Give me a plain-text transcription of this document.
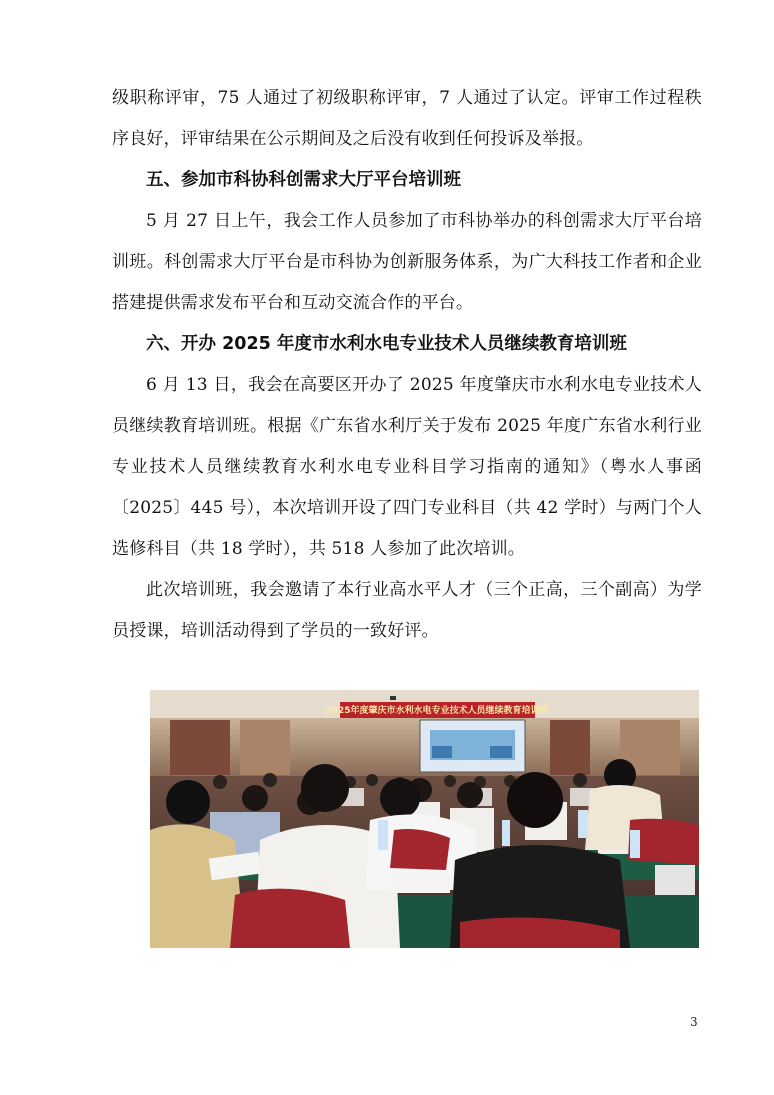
级职称评审，75 人通过了初级职称评审，7 人通过了认定。评审工作过程秩序良好，评审结果在公示期间及之后没有收到任何投诉及举报。

五、参加市科协科创需求大厅平台培训班

5 月 27 日上午，我会工作人员参加了市科协举办的科创需求大厅平台培训班。科创需求大厅平台是市科协为创新服务体系，为广大科技工作者和企业搭建提供需求发布平台和互动交流合作的平台。

六、开办 2025 年度市水利水电专业技术人员继续教育培训班

6 月 13 日，我会在高要区开办了 2025 年度肇庆市水利水电专业技术人员继续教育培训班。根据《广东省水利厅关于发布 2025 年度广东省水利行业专业技术人员继续教育水利水电专业科目学习指南的通知》（粤水人事函〔2025〕445 号），本次培训开设了四门专业科目（共 42 学时）与两门个人选修科目（共 18 学时），共 518 人参加了此次培训。

此次培训班，我会邀请了本行业高水平人才（三个正高，三个副高）为学员授课，培训活动得到了学员的一致好评。

2025年度肇庆市水利水电专业技术人员继续教育培训班
3
